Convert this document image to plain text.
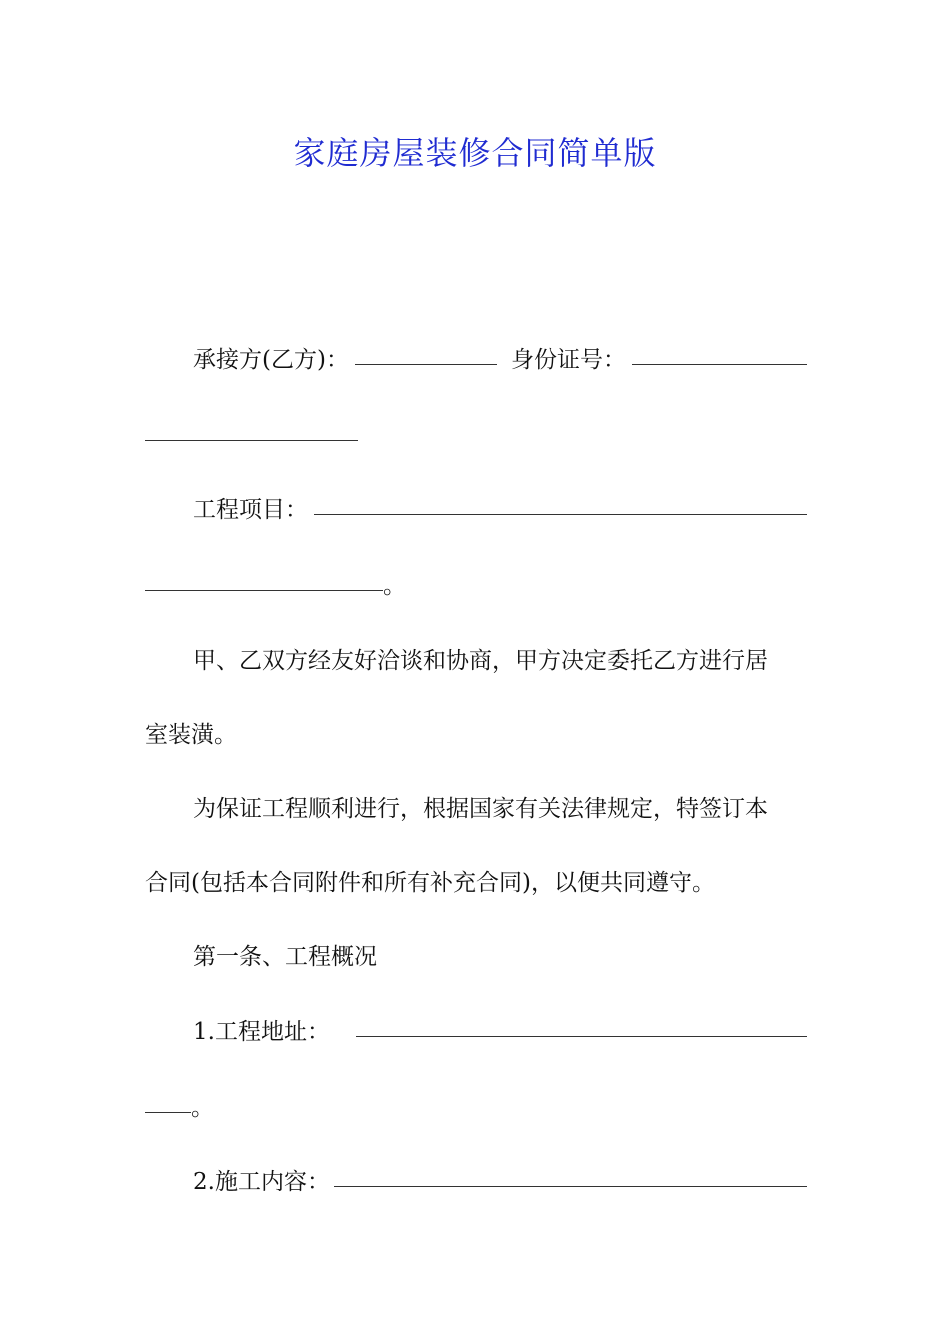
家庭房屋装修合同简单版
承接方(乙方)：	身份证号：
工程项目：
。
甲、乙双方经友好洽谈和协商，甲方决定委托乙方进行居
室装潢。
为保证工程顺利进行，根据国家有关法律规定，特签订本
合同(包括本合同附件和所有补充合同)，以便共同遵守。
第一条、工程概况
1.工程地址：
。
2.施工内容：
